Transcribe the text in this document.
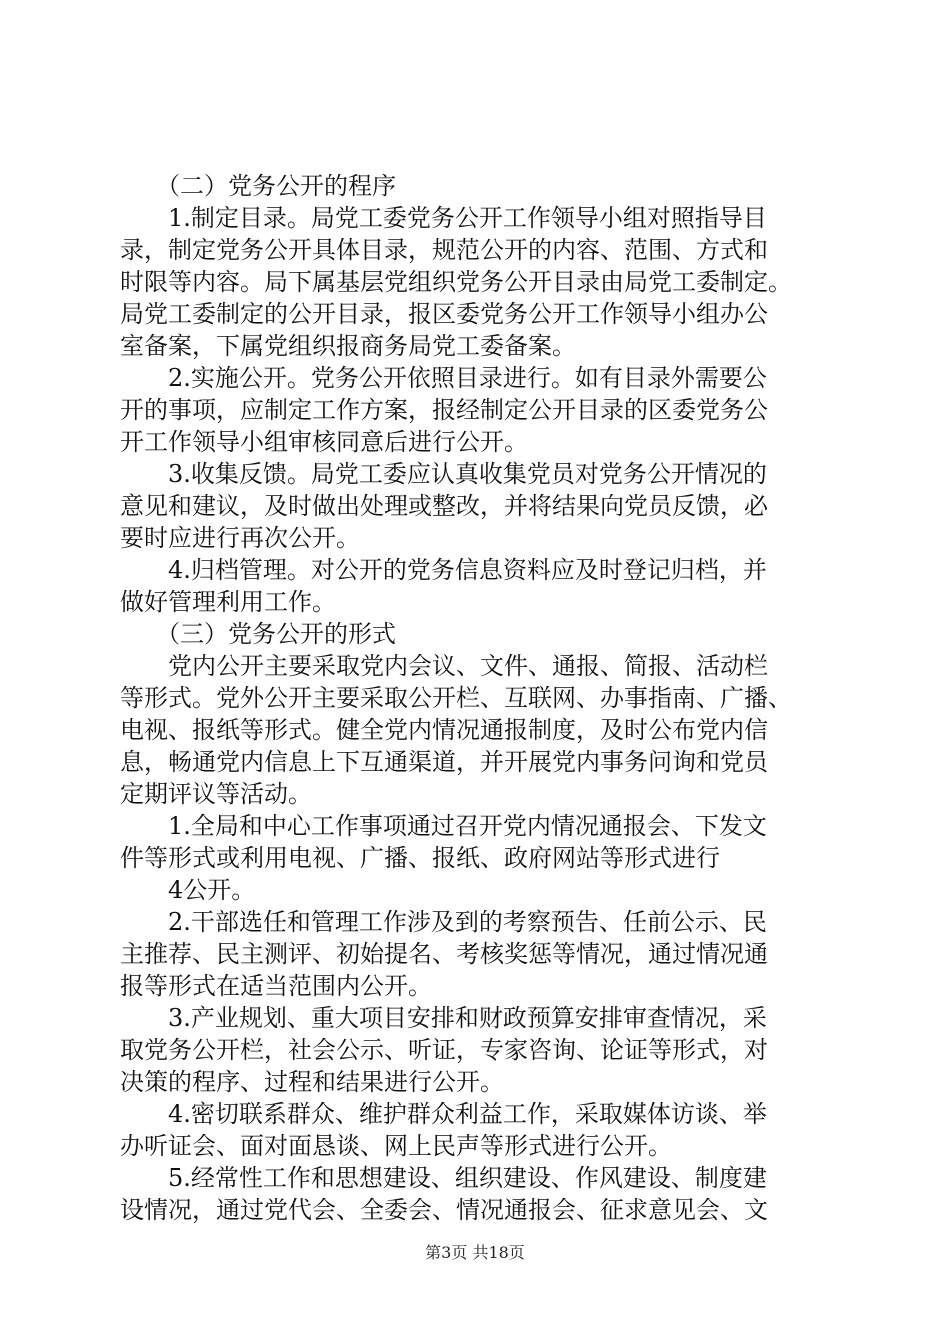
　　（二）党务公开的程序
　　1.制定目录。局党工委党务公开工作领导小组对照指导目
录，制定党务公开具体目录，规范公开的内容、范围、方式和
时限等内容。局下属基层党组织党务公开目录由局党工委制定。
局党工委制定的公开目录，报区委党务公开工作领导小组办公
室备案，下属党组织报商务局党工委备案。
　　2.实施公开。党务公开依照目录进行。如有目录外需要公
开的事项，应制定工作方案，报经制定公开目录的区委党务公
开工作领导小组审核同意后进行公开。
　　3.收集反馈。局党工委应认真收集党员对党务公开情况的
意见和建议，及时做出处理或整改，并将结果向党员反馈，必
要时应进行再次公开。
　　4.归档管理。对公开的党务信息资料应及时登记归档，并
做好管理利用工作。
　　（三）党务公开的形式
　　党内公开主要采取党内会议、文件、通报、简报、活动栏
等形式。党外公开主要采取公开栏、互联网、办事指南、广播、
电视、报纸等形式。健全党内情况通报制度，及时公布党内信
息，畅通党内信息上下互通渠道，并开展党内事务问询和党员
定期评议等活动。
　　1.全局和中心工作事项通过召开党内情况通报会、下发文
件等形式或利用电视、广播、报纸、政府网站等形式进行
　　4公开。
　　2.干部选任和管理工作涉及到的考察预告、任前公示、民
主推荐、民主测评、初始提名、考核奖惩等情况，通过情况通
报等形式在适当范围内公开。
　　3.产业规划、重大项目安排和财政预算安排审查情况，采
取党务公开栏，社会公示、听证，专家咨询、论证等形式，对
决策的程序、过程和结果进行公开。
　　4.密切联系群众、维护群众利益工作，采取媒体访谈、举
办听证会、面对面恳谈、网上民声等形式进行公开。
　　5.经常性工作和思想建设、组织建设、作风建设、制度建
设情况，通过党代会、全委会、情况通报会、征求意见会、文
第3页 共18页
